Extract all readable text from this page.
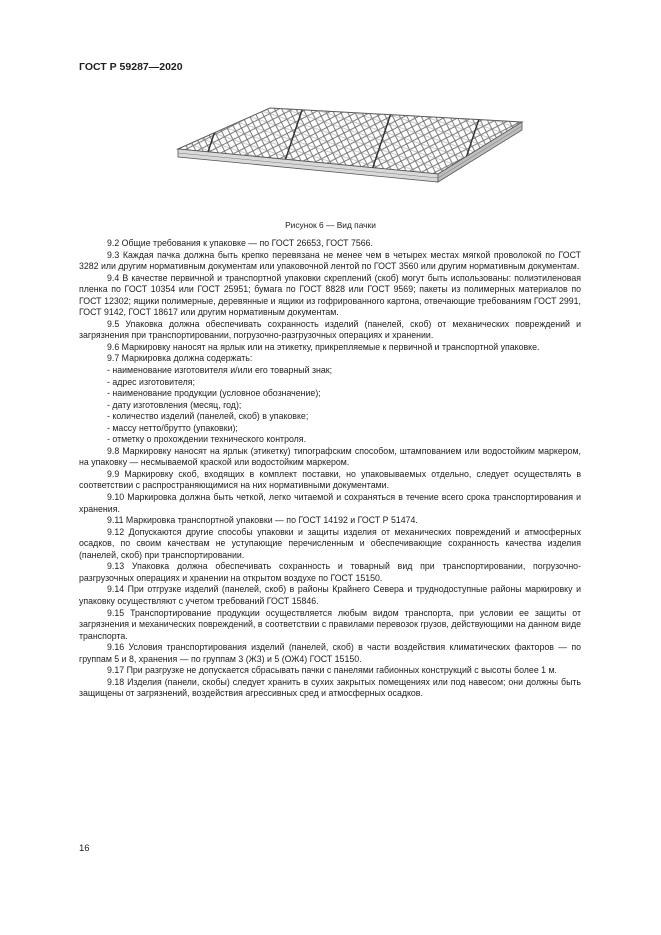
ГОСТ Р 59287—2020
Рисунок 6 — Вид пачки

9.2 Общие требования к упаковке — по ГОСТ 26653, ГОСТ 7566.

9.3 Каждая пачка должна быть крепко перевязана не менее чем в четырех местах мягкой проволокой по ГОСТ 3282 или другим нормативным документам или упаковочной лентой по ГОСТ 3560 или другим нормативным документам.

9.4 В качестве первичной и транспортной упаковки скреплений (скоб) могут быть использованы: полиэтиленовая пленка по ГОСТ 10354 или ГОСТ 25951; бумага по ГОСТ 8828 или ГОСТ 9569; пакеты из полимерных материалов по ГОСТ 12302; ящики полимерные, деревянные и ящики из гофрированного картона, отвечающие требованиям ГОСТ 2991, ГОСТ 9142, ГОСТ 18617 или другим нормативным документам.

9.5 Упаковка должна обеспечивать сохранность изделий (панелей, скоб) от механических повреждений и загрязнения при транспортировании, погрузочно-разгрузочных операциях и хранении.

9.6 Маркировку наносят на ярлык или на этикетку, прикрепляемые к первичной и транспортной упаковке.

9.7 Маркировка должна содержать:

- наименование изготовителя и/или его товарный знак;
- адрес изготовителя;
- наименование продукции (условное обозначение);
- дату изготовления (месяц, год);
- количество изделий (панелей, скоб) в упаковке;
- массу нетто/брутто (упаковки);
- отметку о прохождении технического контроля.

9.8 Маркировку наносят на ярлык (этикетку) типографским способом, штампованием или водостойким маркером, на упаковку — несмываемой краской или водостойким маркером.

9.9 Маркировку скоб, входящих в комплект поставки, но упаковываемых отдельно, следует осуществлять в соответствии с распространяющимися на них нормативными документами.

9.10 Маркировка должна быть четкой, легко читаемой и сохраняться в течение всего срока транспортирования и хранения.

9.11 Маркировка транспортной упаковки — по ГОСТ 14192 и ГОСТ Р 51474.

9.12 Допускаются другие способы упаковки и защиты изделия от механических повреждений и атмосферных осадков, по своим качествам не уступающие перечисленным и обеспечивающие сохранность качества изделия (панелей, скоб) при транспортировании.

9.13 Упаковка должна обеспечивать сохранность и товарный вид при транспортировании, погрузочно-разгрузочных операциях и хранении на открытом воздухе по ГОСТ 15150.

9.14 При отгрузке изделий (панелей, скоб) в районы Крайнего Севера и труднодоступные районы маркировку и упаковку осуществляют с учетом требований ГОСТ 15846.

9.15 Транспортирование продукции осуществляется любым видом транспорта, при условии ее защиты от загрязнения и механических повреждений, в соответствии с правилами перевозок грузов, действующими на данном виде транспорта.

9.16 Условия транспортирования изделий (панелей, скоб) в части воздействия климатических факторов — по группам 5 и 8, хранения — по группам 3 (Ж3) и 5 (ОЖ4) ГОСТ 15150.

9.17 При разгрузке не допускается сбрасывать пачки с панелями габионных конструкций с высоты более 1 м.

9.18 Изделия (панели, скобы) следует хранить в сухих закрытых помещениях или под навесом; они должны быть защищены от загрязнений, воздействия агрессивных сред и атмосферных осадков.

16
